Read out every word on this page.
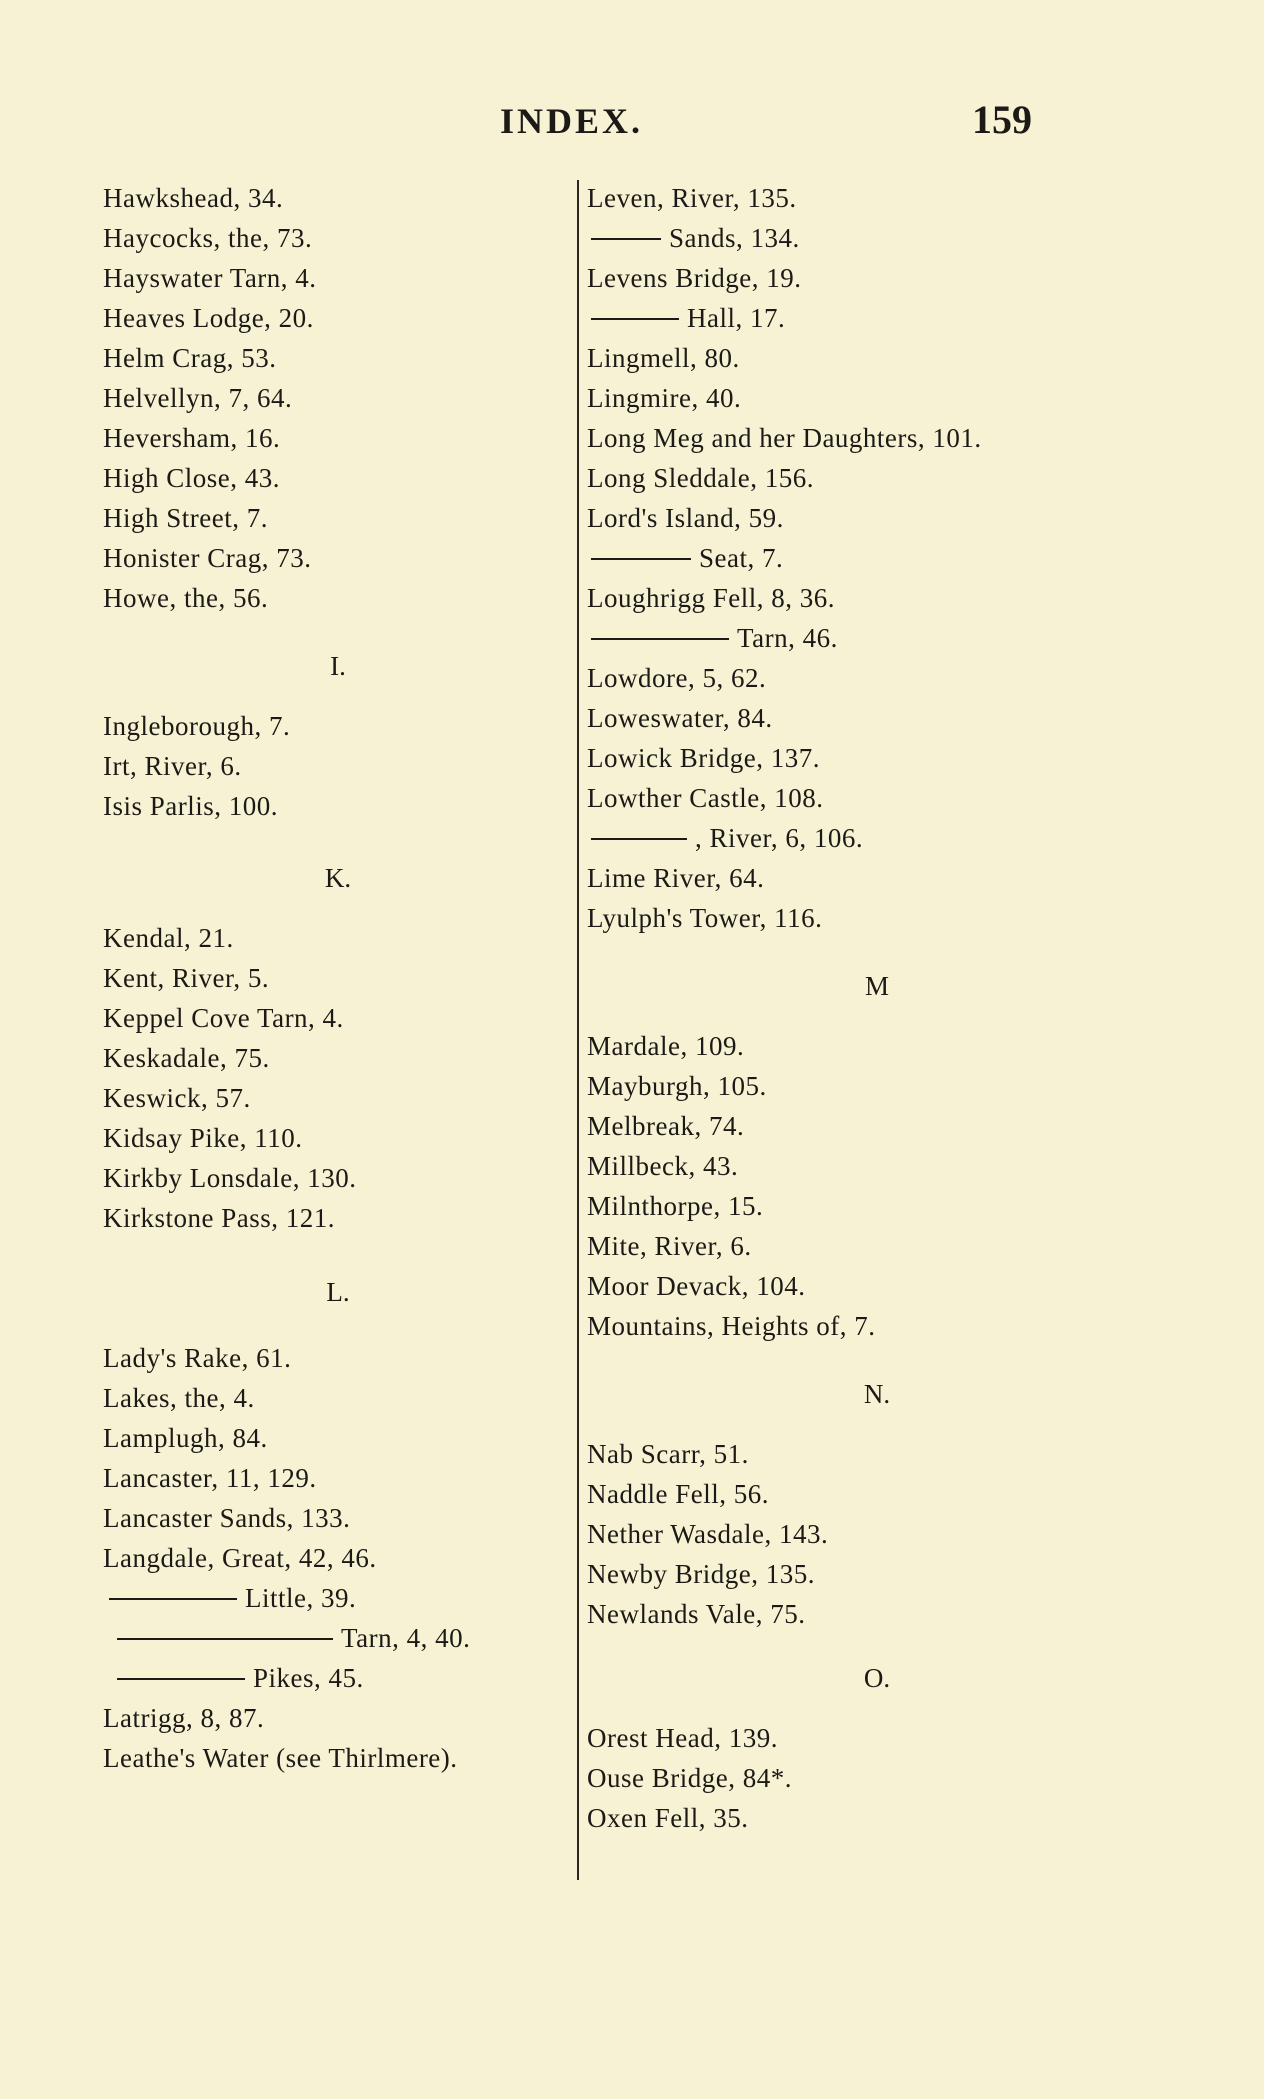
INDEX.	159
Hawkshead, 34.
Haycocks, the, 73.
Hayswater Tarn, 4.
Heaves Lodge, 20.
Helm Crag, 53.
Helvellyn, 7, 64.
Heversham, 16.
High Close, 43.
High Street, 7.
Honister Crag, 73.
Howe, the, 56.
I.
Ingleborough, 7.
Irt, River, 6.
Isis Parlis, 100.
K.
Kendal, 21.
Kent, River, 5.
Keppel Cove Tarn, 4.
Keskadale, 75.
Keswick, 57.
Kidsay Pike, 110.
Kirkby Lonsdale, 130.
Kirkstone Pass, 121.
L.
Lady's Rake, 61.
Lakes, the, 4.
Lamplugh, 84.
Lancaster, 11, 129.
Lancaster Sands, 133.
Langdale, Great, 42, 46.
Little, 39.
Tarn, 4, 40.
Pikes, 45.
Latrigg, 8, 87.
Leathe's Water (see Thirlmere).
Leven, River, 135.
Sands, 134.
Levens Bridge, 19.
Hall, 17.
Lingmell, 80.
Lingmire, 40.
Long Meg and her Daughters, 101.
Long Sleddale, 156.
Lord's Island, 59.
Seat, 7.
Loughrigg Fell, 8, 36.
Tarn, 46.
Lowdore, 5, 62.
Loweswater, 84.
Lowick Bridge, 137.
Lowther Castle, 108.
, River, 6, 106.
Lime River, 64.
Lyulph's Tower, 116.
M
Mardale, 109.
Mayburgh, 105.
Melbreak, 74.
Millbeck, 43.
Milnthorpe, 15.
Mite, River, 6.
Moor Devack, 104.
Mountains, Heights of, 7.
N.
Nab Scarr, 51.
Naddle Fell, 56.
Nether Wasdale, 143.
Newby Bridge, 135.
Newlands Vale, 75.
O.
Orest Head, 139.
Ouse Bridge, 84*.
Oxen Fell, 35.
